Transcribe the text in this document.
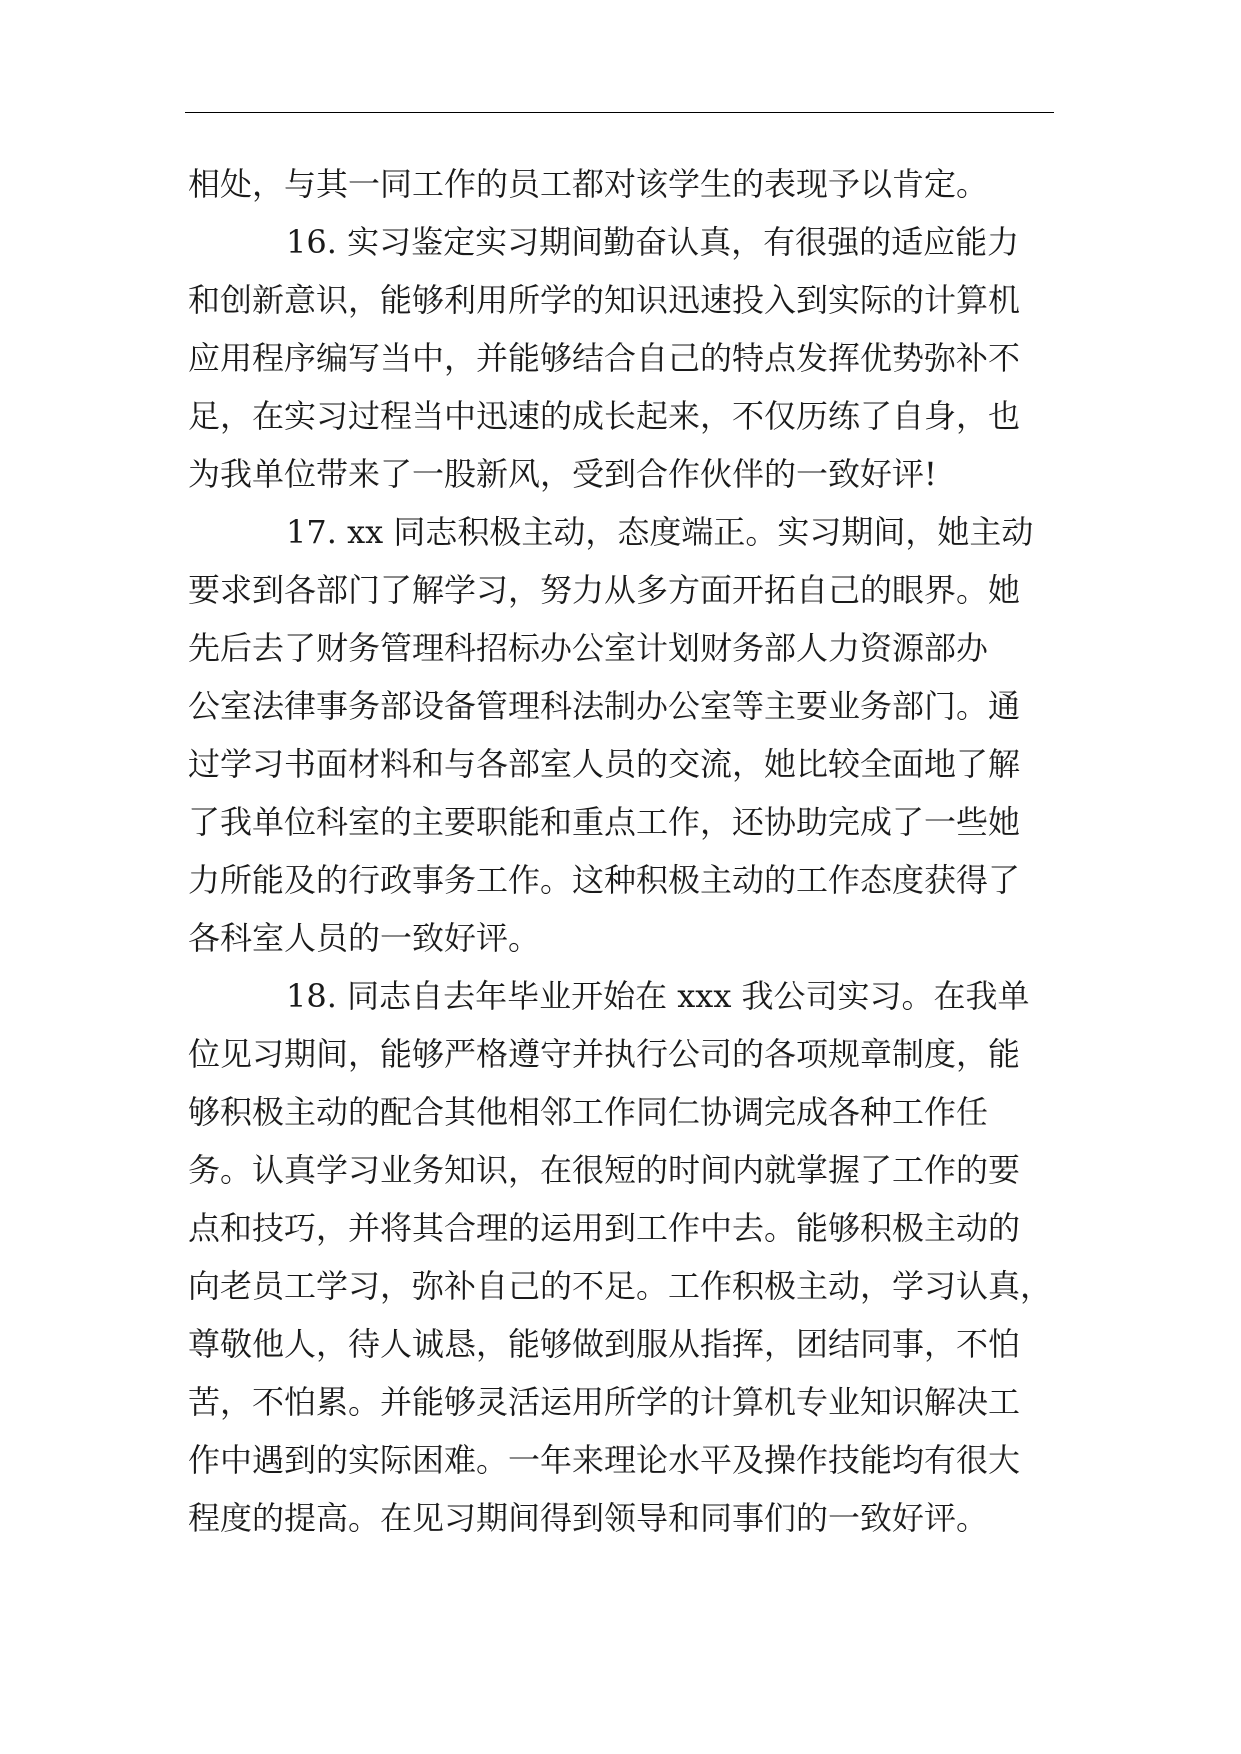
相处，与其一同工作的员工都对该学生的表现予以肯定。
16. 实习鉴定实习期间勤奋认真，有很强的适应能力
和创新意识，能够利用所学的知识迅速投入到实际的计算机
应用程序编写当中，并能够结合自己的特点发挥优势弥补不
足，在实习过程当中迅速的成长起来，不仅历练了自身，也
为我单位带来了一股新风，受到合作伙伴的一致好评!
17. xx 同志积极主动，态度端正。实习期间，她主动
要求到各部门了解学习，努力从多方面开拓自己的眼界。她
先后去了财务管理科招标办公室计划财务部人力资源部办
公室法律事务部设备管理科法制办公室等主要业务部门。通
过学习书面材料和与各部室人员的交流，她比较全面地了解
了我单位科室的主要职能和重点工作，还协助完成了一些她
力所能及的行政事务工作。这种积极主动的工作态度获得了
各科室人员的一致好评。
18. 同志自去年毕业开始在 xxx 我公司实习。在我单
位见习期间，能够严格遵守并执行公司的各项规章制度，能
够积极主动的配合其他相邻工作同仁协调完成各种工作任
务。认真学习业务知识，在很短的时间内就掌握了工作的要
点和技巧，并将其合理的运用到工作中去。能够积极主动的
向老员工学习，弥补自己的不足。工作积极主动，学习认真，
尊敬他人，待人诚恳，能够做到服从指挥，团结同事，不怕
苦，不怕累。并能够灵活运用所学的计算机专业知识解决工
作中遇到的实际困难。一年来理论水平及操作技能均有很大
程度的提高。在见习期间得到领导和同事们的一致好评。
